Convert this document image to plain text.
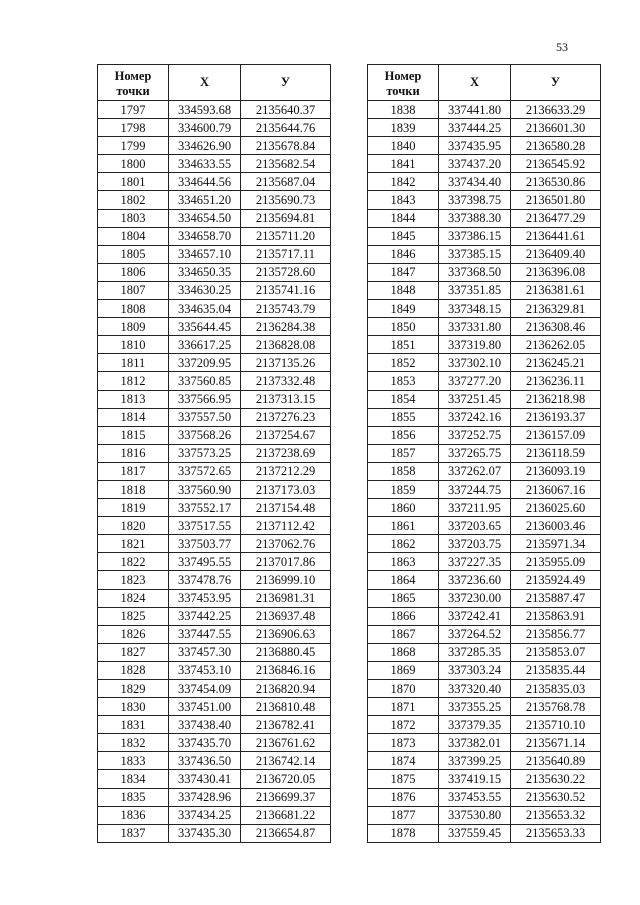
53
Номер
точки	X	У
1797	334593.68	2135640.37
1798	334600.79	2135644.76
1799	334626.90	2135678.84
1800	334633.55	2135682.54
1801	334644.56	2135687.04
1802	334651.20	2135690.73
1803	334654.50	2135694.81
1804	334658.70	2135711.20
1805	334657.10	2135717.11
1806	334650.35	2135728.60
1807	334630.25	2135741.16
1808	334635.04	2135743.79
1809	335644.45	2136284.38
1810	336617.25	2136828.08
1811	337209.95	2137135.26
1812	337560.85	2137332.48
1813	337566.95	2137313.15
1814	337557.50	2137276.23
1815	337568.26	2137254.67
1816	337573.25	2137238.69
1817	337572.65	2137212.29
1818	337560.90	2137173.03
1819	337552.17	2137154.48
1820	337517.55	2137112.42
1821	337503.77	2137062.76
1822	337495.55	2137017.86
1823	337478.76	2136999.10
1824	337453.95	2136981.31
1825	337442.25	2136937.48
1826	337447.55	2136906.63
1827	337457.30	2136880.45
1828	337453.10	2136846.16
1829	337454.09	2136820.94
1830	337451.00	2136810.48
1831	337438.40	2136782.41
1832	337435.70	2136761.62
1833	337436.50	2136742.14
1834	337430.41	2136720.05
1835	337428.96	2136699.37
1836	337434.25	2136681.22
1837	337435.30	2136654.87
Номер
точки	X	У
1838	337441.80	2136633.29
1839	337444.25	2136601.30
1840	337435.95	2136580.28
1841	337437.20	2136545.92
1842	337434.40	2136530.86
1843	337398.75	2136501.80
1844	337388.30	2136477.29
1845	337386.15	2136441.61
1846	337385.15	2136409.40
1847	337368.50	2136396.08
1848	337351.85	2136381.61
1849	337348.15	2136329.81
1850	337331.80	2136308.46
1851	337319.80	2136262.05
1852	337302.10	2136245.21
1853	337277.20	2136236.11
1854	337251.45	2136218.98
1855	337242.16	2136193.37
1856	337252.75	2136157.09
1857	337265.75	2136118.59
1858	337262.07	2136093.19
1859	337244.75	2136067.16
1860	337211.95	2136025.60
1861	337203.65	2136003.46
1862	337203.75	2135971.34
1863	337227.35	2135955.09
1864	337236.60	2135924.49
1865	337230.00	2135887.47
1866	337242.41	2135863.91
1867	337264.52	2135856.77
1868	337285.35	2135853.07
1869	337303.24	2135835.44
1870	337320.40	2135835.03
1871	337355.25	2135768.78
1872	337379.35	2135710.10
1873	337382.01	2135671.14
1874	337399.25	2135640.89
1875	337419.15	2135630.22
1876	337453.55	2135630.52
1877	337530.80	2135653.32
1878	337559.45	2135653.33
